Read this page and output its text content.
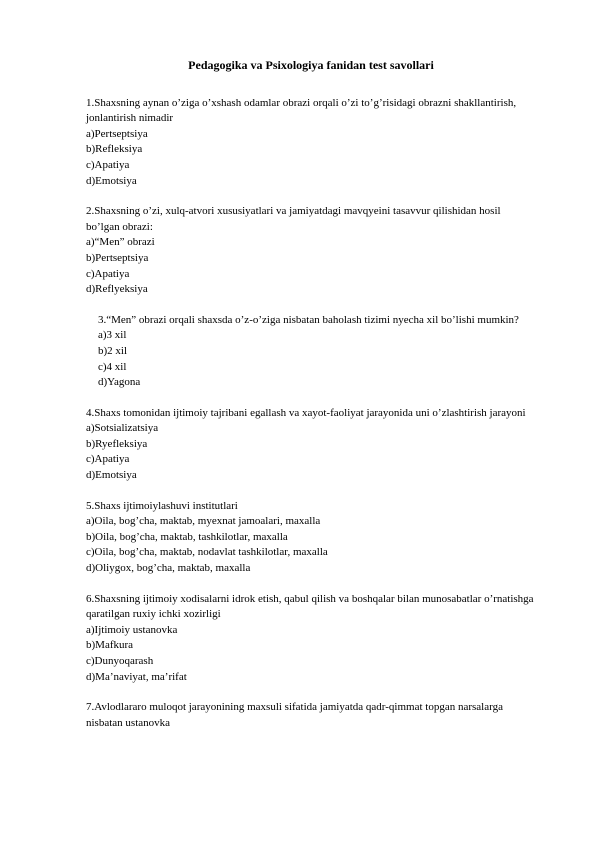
Pedagogika va Psixologiya fanidan test savollari

1.Shaxsning aynan o’ziga o’xshash odamlar obrazi orqali o’zi to’g’risidagi obrazni shakllantirish, jonlantirish nimadir

a)Pertseptsiya

b)Refleksiya

c)Apatiya

d)Emotsiya

2.Shaxsning o’zi, xulq-atvori xususiyatlari va jamiyatdagi mavqyeini tasavvur qilishidan hosil bo’lgan obrazi:

a)“Men” obrazi

b)Pertseptsiya

c)Apatiya

d)Reflyeksiya

3.“Men” obrazi orqali shaxsda o’z-o’ziga nisbatan baholash tizimi nyecha xil bo’lishi mumkin?

a)3 xil

b)2 xil

c)4 xil

d)Yagona

4.Shaxs tomonidan ijtimoiy tajribani egallash va xayot-faoliyat jarayonida uni o’zlashtirish jarayoni

a)Sotsializatsiya

b)Ryefleksiya

c)Apatiya

d)Emotsiya

5.Shaxs ijtimoiylashuvi institutlari

a)Oila, bog’cha, maktab, myexnat jamoalari, maxalla

b)Oila, bog’cha, maktab, tashkilotlar, maxalla

c)Oila, bog’cha, maktab, nodavlat tashkilotlar, maxalla

d)Oliygox, bog’cha, maktab, maxalla

6.Shaxsning ijtimoiy xodisalarni idrok etish, qabul qilish va boshqalar bilan munosabatlar o’rnatishga qaratilgan ruxiy ichki xozirligi

a)Ijtimoiy ustanovka

b)Mafkura

c)Dunyoqarash

d)Ma’naviyat, ma’rifat

7.Avlodlararo muloqot jarayonining maxsuli sifatida jamiyatda qadr-qimmat topgan narsalarga nisbatan ustanovka
